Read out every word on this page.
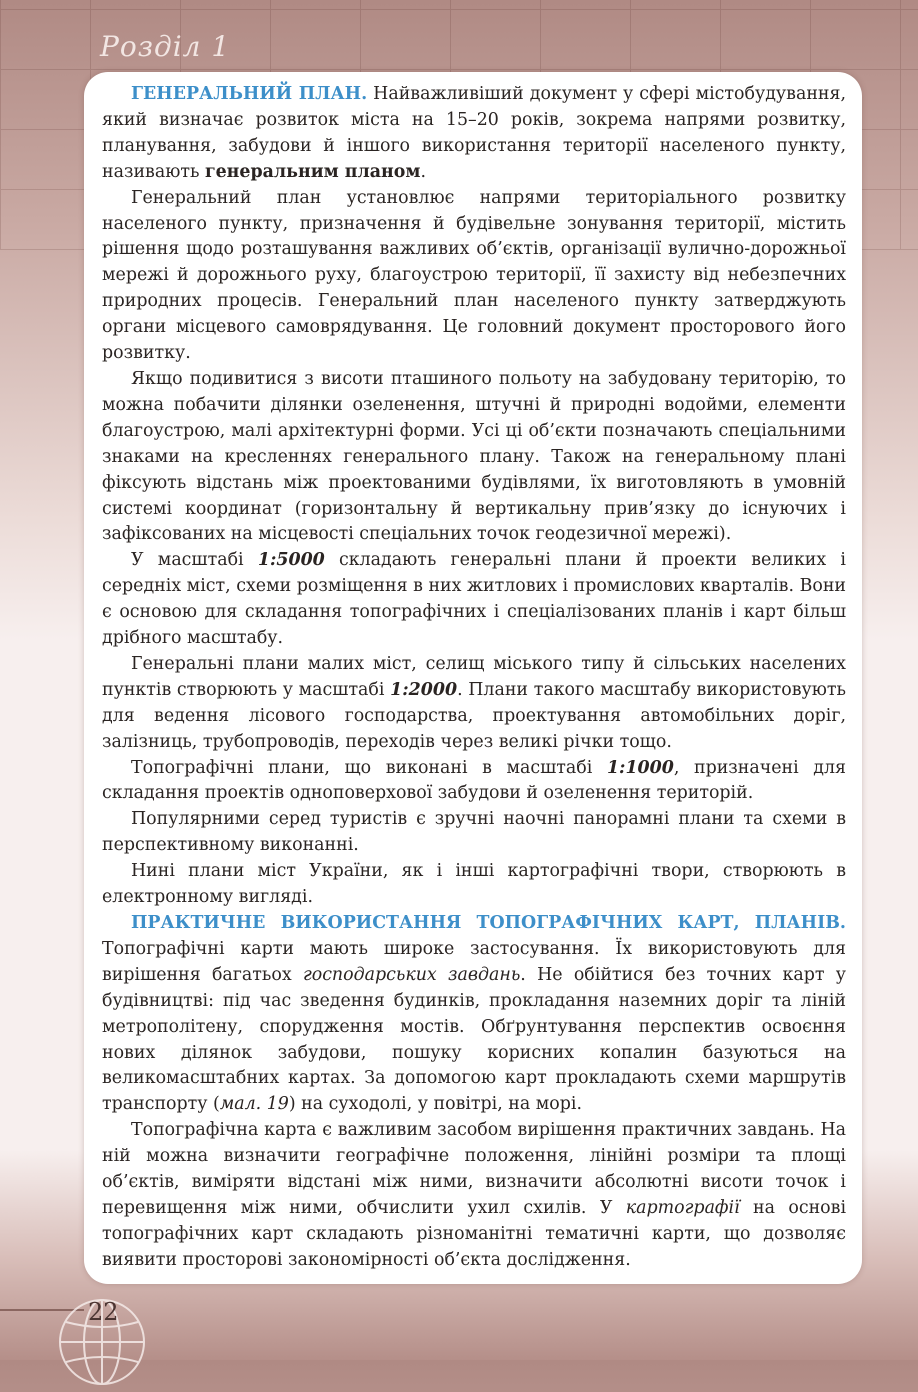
Розділ 1

ГЕНЕРАЛЬНИЙ ПЛАН. Найважливіший документ у сфері містобудування, який визначає розвиток міста на 15–20 років, зокрема напрями розвитку, планування, забудови й іншого використання території населеного пункту, називають генеральним планом.

Генеральний план установлює напрями територіального розвитку населеного пункту, призначення й будівельне зонування території, містить рішення щодо розташування важливих об’єктів, організації вулично-дорожньої мережі й дорожнього руху, благоустрою території, її захисту від небезпечних природних процесів. Генеральний план населеного пункту затверджують органи місцевого самоврядування. Це головний документ просторового його розвитку.

Якщо подивитися з висоти пташиного польоту на забудовану територію, то можна побачити ділянки озеленення, штучні й природні водойми, елементи благоустрою, малі архітектурні форми. Усі ці об’єкти позначають спеціальними знаками на кресленнях генерального плану. Також на генеральному плані фіксують відстань між проектованими будівлями, їх виготовляють в умовній системі координат (горизонтальну й вертикальну прив’язку до існуючих і зафіксованих на місцевості спеціальних точок геодезичної мережі).

У масштабі 1:5000 складають генеральні плани й проекти великих і середніх міст, схеми розміщення в них житлових і промислових кварталів. Вони є основою для складання топографічних і спеціалізованих планів і карт більш дрібного масштабу.

Генеральні плани малих міст, селищ міського типу й сільських населених пунктів створюють у масштабі 1:2000. Плани такого масштабу використовують для ведення лісового господарства, проектування автомобільних доріг, залізниць, трубопроводів, переходів через великі річки тощо.

Топографічні плани, що виконані в масштабі 1:1000, призначені для складання проектів одноповерхової забудови й озеленення територій.

Популярними серед туристів є зручні наочні панорамні плани та схеми в перспективному виконанні.

Нині плани міст України, як і інші картографічні твори, створюють в електронному вигляді.

ПРАКТИЧНЕ ВИКОРИСТАННЯ ТОПОГРАФІЧНИХ КАРТ, ПЛАНІВ. Топографічні карти мають широке застосування. Їх використовують для вирішення багатьох господарських завдань. Не обійтися без точних карт у будівництві: під час зведення будинків, прокладання наземних доріг та ліній метрополітену, спорудження мостів. Обґрунтування перспектив освоєння нових ділянок забудови, пошуку корисних копалин базуються на великомасштабних картах. За допомогою карт прокладають схеми маршрутів транспорту (мал. 19) на суходолі, у повітрі, на морі.

Топографічна карта є важливим засобом вирішення практичних завдань. На ній можна визначити географічне положення, лінійні розміри та площі об’єктів, виміряти відстані між ними, визначити абсолютні висоти точок і перевищення між ними, обчислити ухил схилів. У картографії на основі топографічних карт складають різноманітні тематичні карти, що дозволяє виявити просторові закономірності об’єкта дослідження.

22
